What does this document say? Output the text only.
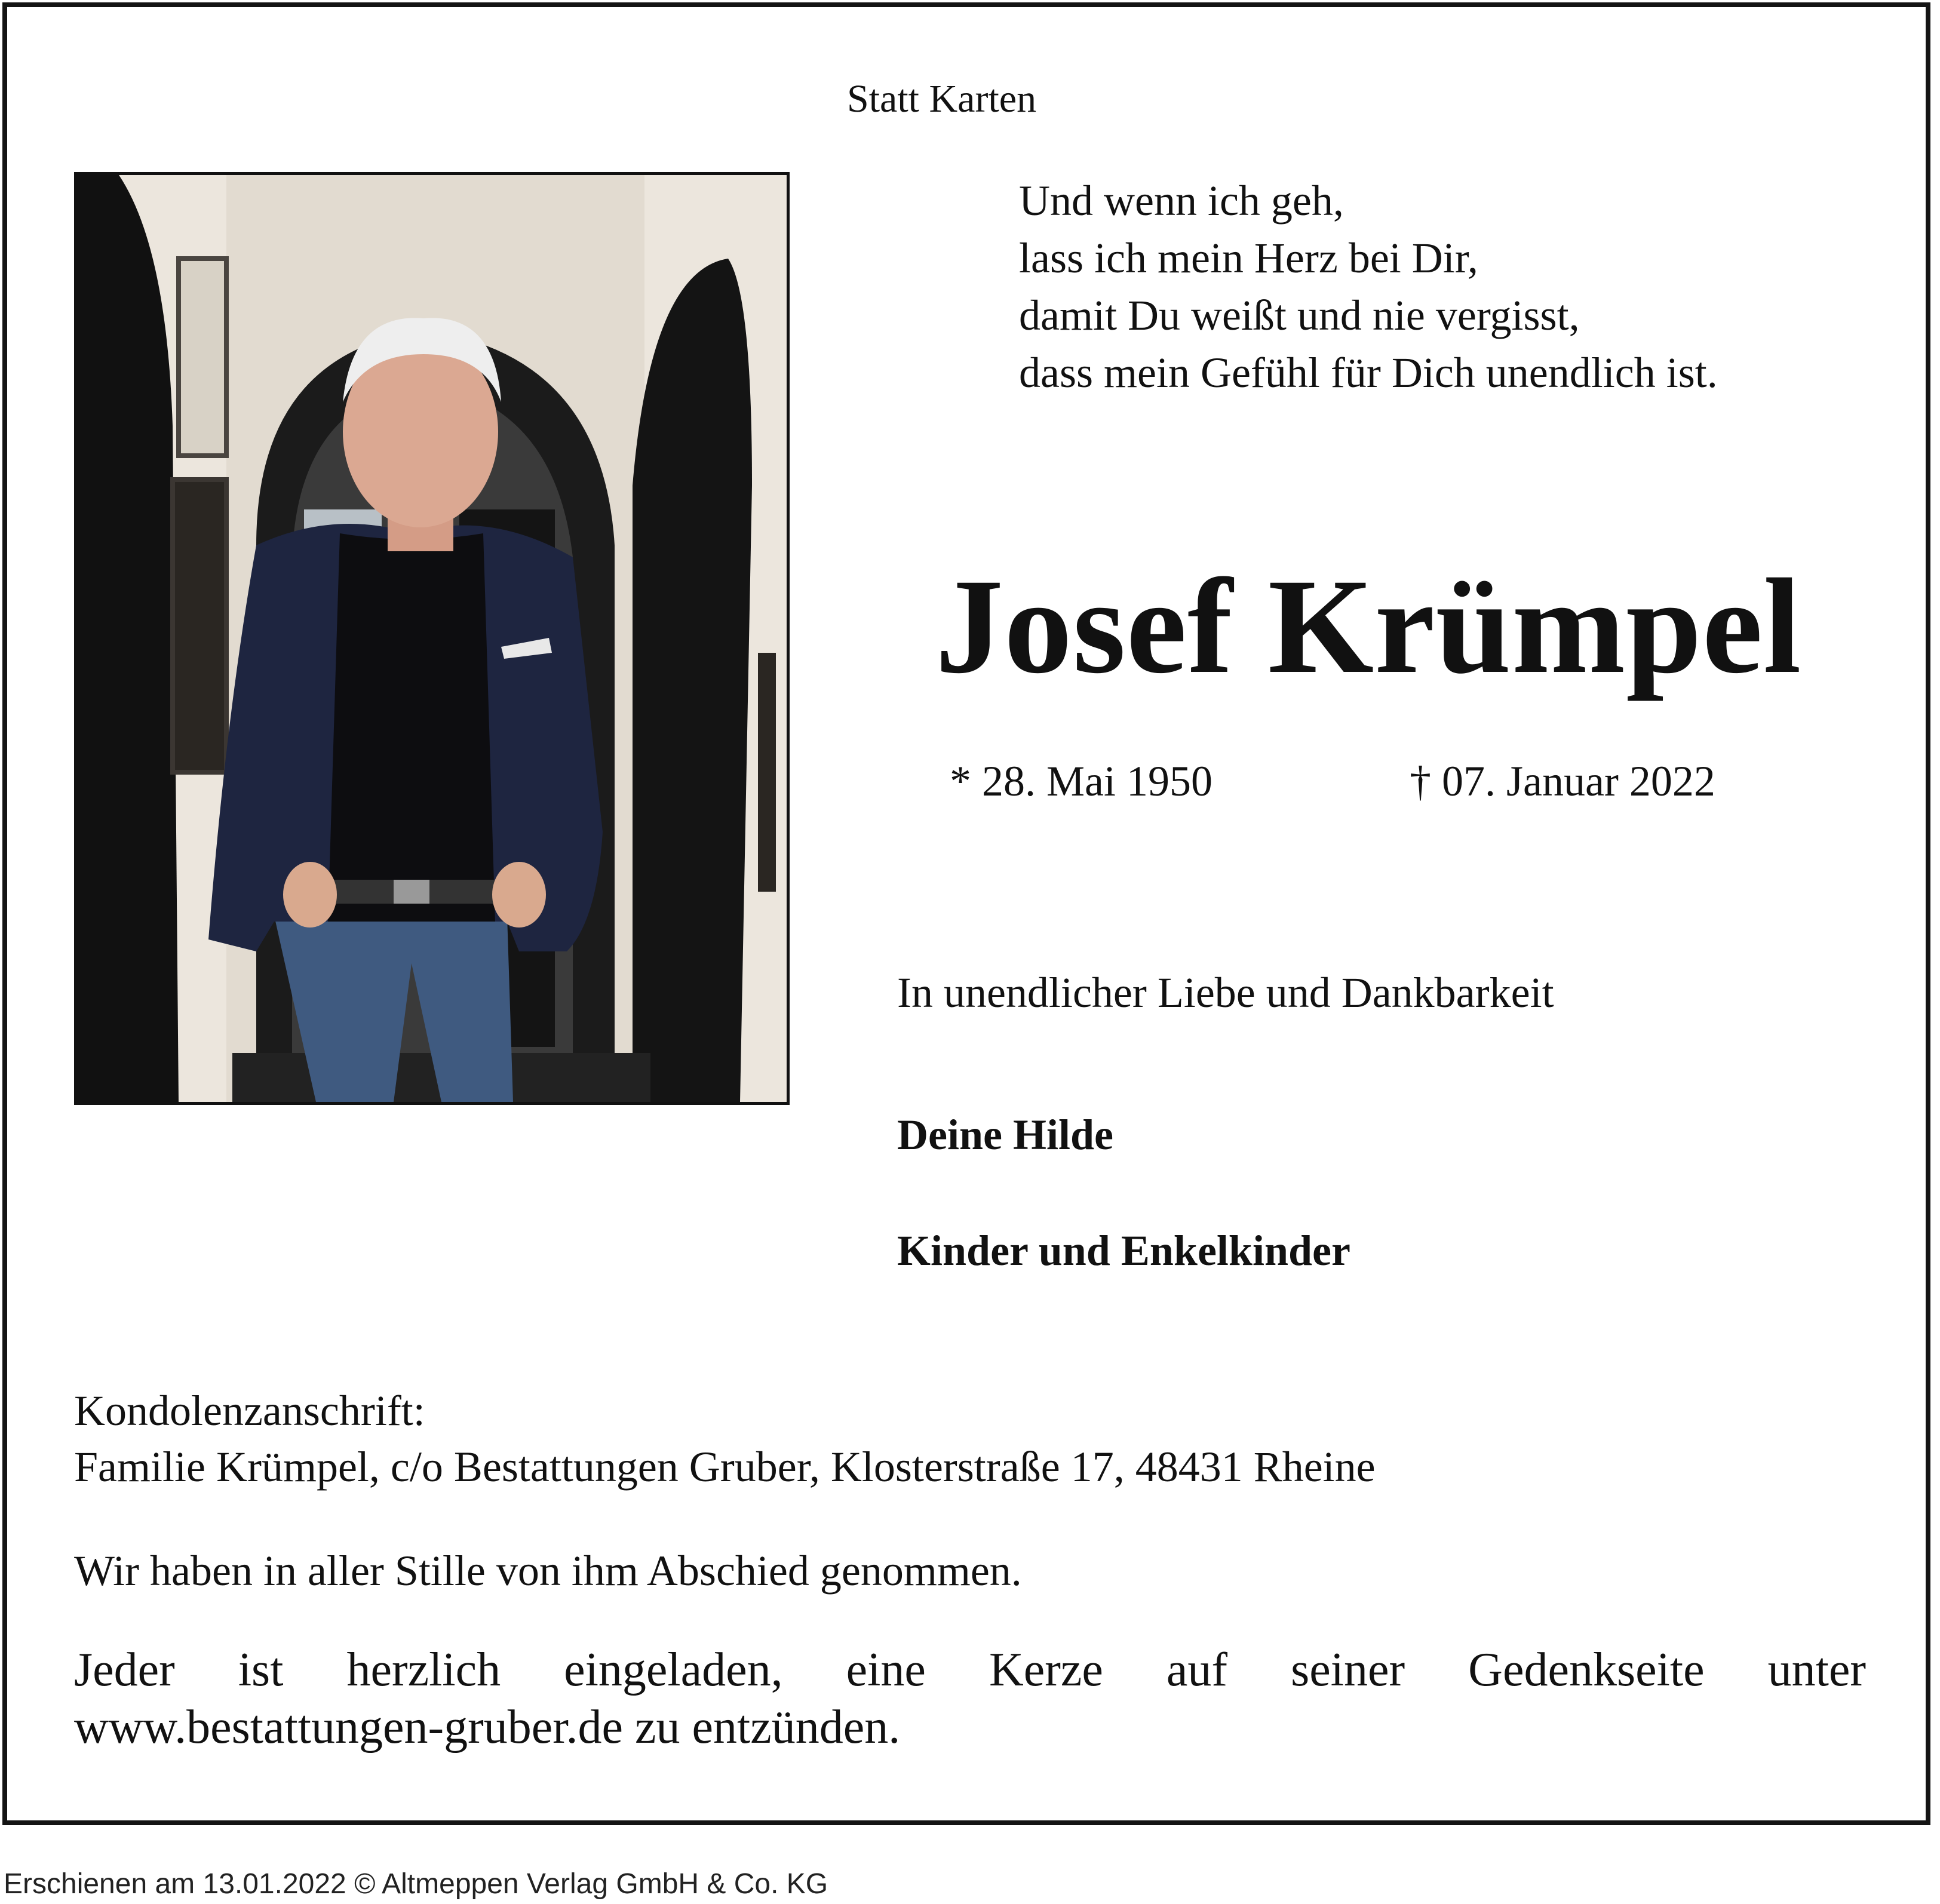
Statt Karten
Und wenn ich geh,
lass ich mein Herz bei Dir,
damit Du weißt und nie vergisst,
dass mein Gefühl für Dich unendlich ist.
Josef Krümpel
* 28. Mai 1950	† 07. Januar 2022
In unendlicher Liebe und Dankbarkeit
Deine Hilde
Kinder und Enkelkinder
Kondolenzanschrift:
Familie Krümpel, c/o Bestattungen Gruber, Klosterstraße 17, 48431 Rheine
Wir haben in aller Stille von ihm Abschied genommen.
Jeder ist herzlich eingeladen, eine Kerze auf seiner Gedenkseite unter
www.bestattungen-gruber.de zu entzünden.
Erschienen am 13.01.2022 © Altmeppen Verlag GmbH & Co. KG
